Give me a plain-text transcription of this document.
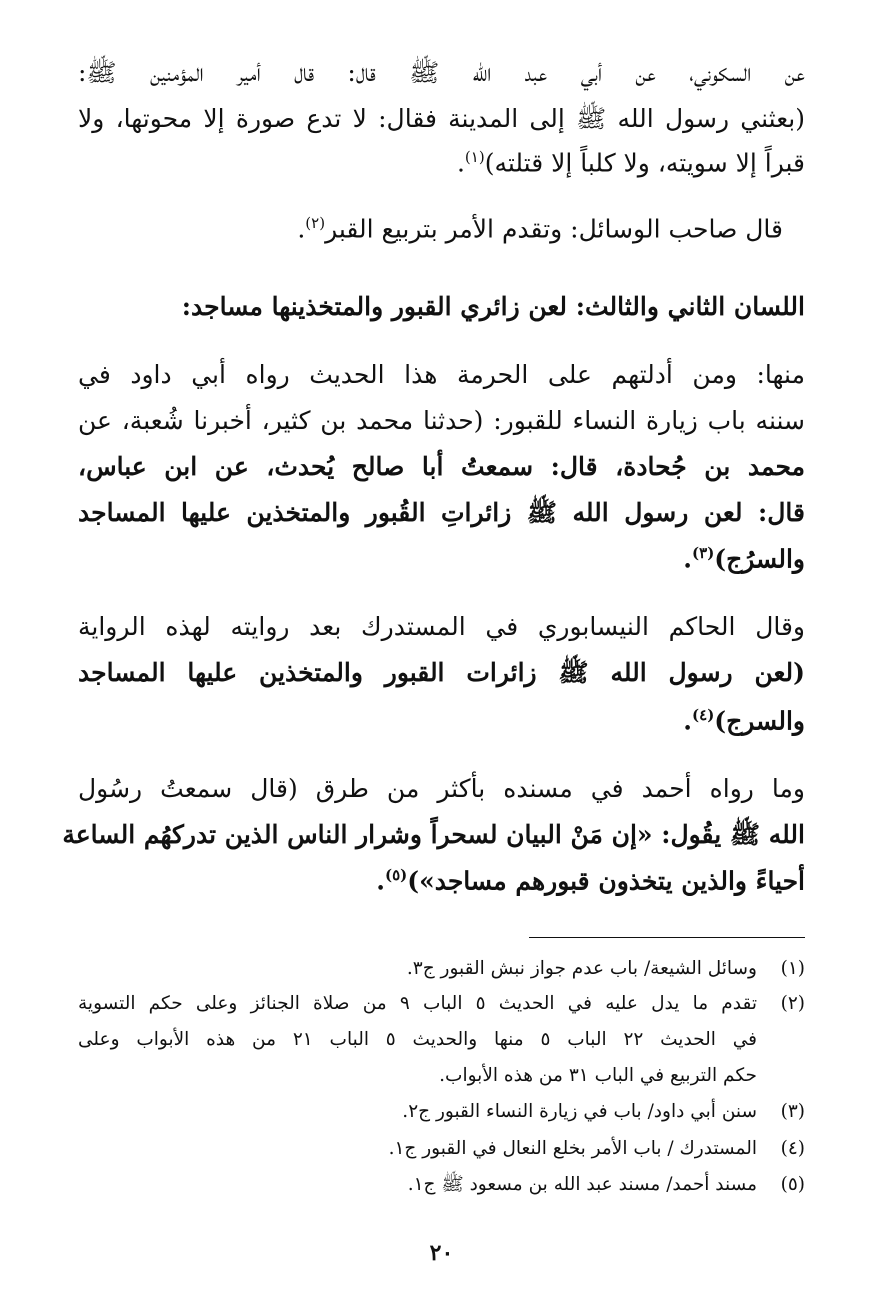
عن السكوني، عن أبي عبد الله ﷺ قال: قال أمير المؤمنين ﷺ:
(بعثني رسول الله ﷺ إلى المدينة فقال: لا تدع صورة إلا محوتها، ولا
قبراً إلا سويته، ولا كلباً إلا قتلته)$^{(١)}$.
قال صاحب الوسائل: وتقدم الأمر بتربيع القبر$^{(٢)}$.
اللسان الثاني والثالث: لعن زائري القبور والمتخذينها مساجد:
منها: ومن أدلتهم على الحرمة هذا الحديث رواه أبي داود في
سننه باب زيارة النساء للقبور: (حدثنا محمد بن كثير، أخبرنا شُعبة، عن
محمد بن جُحادة، قال: سمعتُ أبا صالح يُحدث، عن ابن عباس،
قال: لعن رسول الله ﷺ زائراتِ القُبور والمتخذين عليها المساجد
والسرُج)$^{(٣)}$.
وقال الحاكم النيسابوري في المستدرك بعد روايته لهذه الرواية
(لعن رسول الله ﷺ زائرات القبور والمتخذين عليها المساجد
والسرج)$^{(٤)}$.
وما رواه أحمد في مسنده بأكثر من طرق (قال سمعتُ رسُول
الله ﷺ يقُول: «إن مَنْ البيان لسحراً وشرار الناس الذين تدركهُم الساعة
أحياءً والذين يتخذون قبورهم مساجد»)$^{(٥)}$.
(١)
وسائل الشيعة/ باب عدم جواز نبش القبور ج٣.
(٢)
تقدم ما يدل عليه في الحديث ٥ الباب ٩ من صلاة الجنائز وعلى حكم التسوية
في الحديث ٢٢ الباب ٥ منها والحديث ٥ الباب ٢١ من هذه الأبواب وعلى
حكم التربيع في الباب ٣١ من هذه الأبواب.
(٣)
سنن أبي داود/ باب في زيارة النساء القبور ج٢.
(٤)
المستدرك / باب الأمر بخلع النعال في القبور ج١.
(٥)
مسند أحمد/ مسند عبد الله بن مسعود ﷺ ج١.
٢٠
